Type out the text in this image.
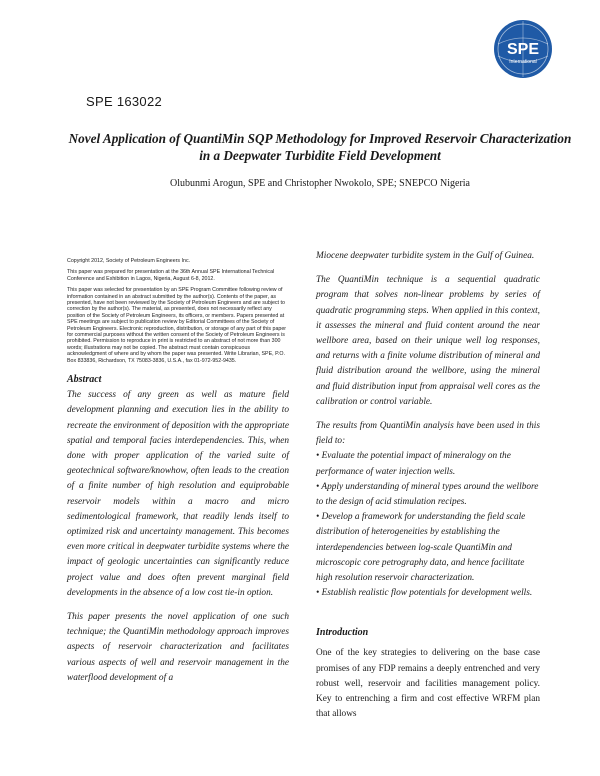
SPE
International
SPE 163022
Novel Application of QuantiMin SQP Methodology for Improved Reservoir Characterization
in a Deepwater Turbidite Field Development
Olubunmi Arogun, SPE and Christopher Nwokolo, SPE; SNEPCO Nigeria

Copyright 2012, Society of Petroleum Engineers Inc.

This paper was prepared for presentation at the 36th Annual SPE International Technical Conference and Exhibition in Lagos, Nigeria, August 6-8, 2012.

This paper was selected for presentation by an SPE Program Committee following review of information contained in an abstract submitted by the author(s). Contents of the paper, as presented, have not been reviewed by the Society of Petroleum Engineers and are subject to correction by the author(s). The material, as presented, does not necessarily reflect any position of the Society of Petroleum Engineers, its officers, or members. Papers presented at SPE meetings are subject to publication review by Editorial Committees of the Society of Petroleum Engineers. Electronic reproduction, distribution, or storage of any part of this paper for commercial purposes without the written consent of the Society of Petroleum Engineers is prohibited. Permission to reproduce in print is restricted to an abstract of not more than 300 words; illustrations may not be copied. The abstract must contain conspicuous acknowledgment of where and by whom the paper was presented. Write Librarian, SPE, P.O. Box 833836, Richardson, TX 75083-3836, U.S.A., fax 01-972-952-9435.

Abstract

The success of any green as well as mature field development planning and execution lies in the ability to recreate the environment of deposition with the appropriate spatial and temporal facies interdependencies. This, when done with proper application of the varied suite of geotechnical software/knowhow, often leads to the creation of a finite number of high resolution and equiprobable reservoir models within a macro and micro sedimentological framework, that readily lends itself to optimized risk and uncertainty management. This becomes even more critical in deepwater turbidite systems where the impact of geologic uncertainties can significantly reduce project value and does often prevent marginal field developments in the absence of a low cost tie-in option.

This paper presents the novel application of one such technique; the QuantiMin methodology approach improves aspects of reservoir characterization and facilitates various aspects of well and reservoir management in the waterflood development of a

Miocene deepwater turbidite system in the Gulf of Guinea.

The QuantiMin technique is a sequential quadratic program that solves non-linear problems by series of quadratic programming steps. When applied in this context, it assesses the mineral and fluid content around the near wellbore area, based on their unique well log responses, and returns with a finite volume distribution of mineral and fluid distribution around the wellbore, using the mineral and fluid distribution input from appraisal well cores as the calibration or control variable.

The results from QuantiMin analysis have been used in this field to:

• Evaluate the potential impact of mineralogy on the performance of water injection wells.
• Apply understanding of mineral types around the wellbore to the design of acid stimulation recipes.
• Develop a framework for understanding the field scale distribution of heterogeneities by establishing the interdependencies between log-scale QuantiMin and microscopic core petrography data, and hence facilitate high resolution reservoir characterization.
• Establish realistic flow potentials for development wells.

Introduction

One of the key strategies to delivering on the base case promises of any FDP remains a deeply entrenched and very robust well, reservoir and facilities management policy. Key to entrenching a firm and cost effective WRFM plan that allows
